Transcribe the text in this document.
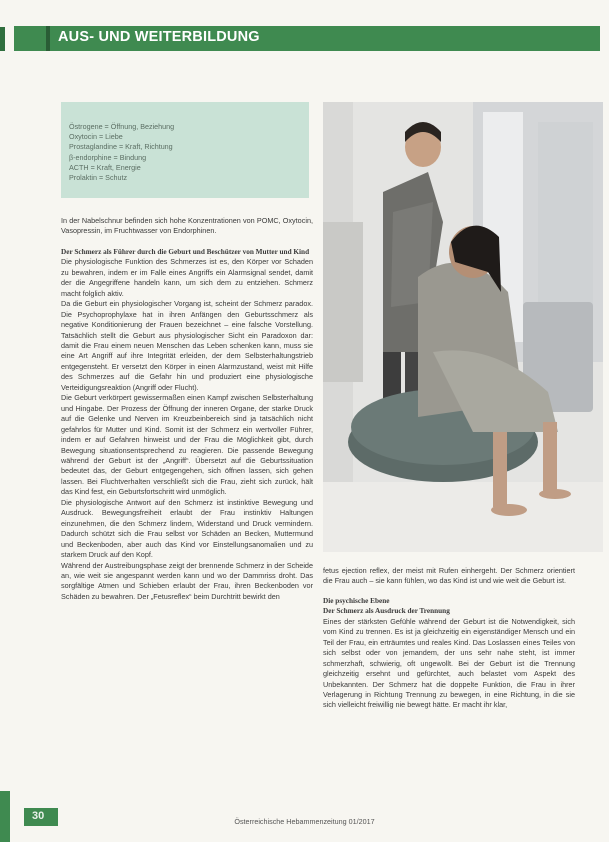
AUS- UND WEITERBILDUNG
Östrogene = Öffnung, Beziehung
Oxytocin = Liebe
Prostaglandine = Kraft, Richtung
β-endorphine = Bindung
ACTH = Kraft, Energie
Prolaktin = Schutz

In der Nabelschnur befinden sich hohe Konzentrationen von POMC, Oxytocin, Vasopressin, im Fruchtwasser von Endorphinen.

Der Schmerz als Führer durch die Geburt und Beschützer von Mutter und Kind

Die physiologische Funktion des Schmerzes ist es, den Körper vor Schaden zu bewahren, indem er im Falle eines Angriffs ein Alarmsignal sendet, damit der die Angegriffene handeln kann, um sich dem zu entziehen. Schmerz macht folglich aktiv.

Da die Geburt ein physiologischer Vorgang ist, scheint der Schmerz paradox. Die Psychoprophylaxe hat in ihren Anfängen den Geburtsschmerz als negative Konditionierung der Frauen bezeichnet – eine falsche Vorstellung. Tatsächlich stellt die Geburt aus physiologischer Sicht ein Paradoxon dar: damit die Frau einem neuen Menschen das Leben schenken kann, muss sie eine Art Angriff auf ihre Integrität erleiden, der dem Selbsterhaltungstrieb entgegensteht. Er versetzt den Körper in einen Alarmzustand, weist mit Hilfe des Schmerzes auf die Gefahr hin und produziert eine physiologische Verteidigungsreaktion (Angriff oder Flucht).

Die Geburt verkörpert gewissermaßen einen Kampf zwischen Selbsterhaltung und Hingabe. Der Prozess der Öffnung der inneren Organe, der starke Druck auf die Gelenke und Nerven im Kreuzbeinbereich sind ja tatsächlich nicht gefahrlos für Mutter und Kind. Somit ist der Schmerz ein wertvoller Führer, indem er auf Gefahren hinweist und der Frau die Möglichkeit gibt, durch Bewegung situationsentsprechend zu reagieren. Die passende Bewegung während der Geburt ist der „Angriff“. Übersetzt auf die Geburtssituation bedeutet das, der Geburt entgegengehen, sich öffnen lassen, sich gehen lassen. Bei Fluchtverhalten verschließt sich die Frau, zieht sich zurück, hält das Kind fest, ein Geburtsfortschritt wird unmöglich.

Die physiologische Antwort auf den Schmerz ist instinktive Bewegung und Ausdruck. Bewegungsfreiheit erlaubt der Frau instinktiv Haltungen einzunehmen, die den Schmerz lindern, Widerstand und Druck vermindern. Dadurch schützt sich die Frau selbst vor Schäden an Becken, Muttermund und Beckenboden, aber auch das Kind vor Einstellungsanomalien und zu starkem Druck auf den Kopf.

Während der Austreibungsphase zeigt der brennende Schmerz in der Scheide an, wie weit sie angespannt werden kann und wo der Dammriss droht. Das sorgfältige Atmen und Schieben erlaubt der Frau, ihren Beckenboden vor Schäden zu bewahren. Der „Fetusreflex“ beim Durchtritt bewirkt den

fetus ejection reflex, der meist mit Rufen einhergeht. Der Schmerz orientiert die Frau auch – sie kann fühlen, wo das Kind ist und wie weit die Geburt ist.

Die psychische Ebene

Der Schmerz als Ausdruck der Trennung

Eines der stärksten Gefühle während der Geburt ist die Notwendigkeit, sich vom Kind zu trennen. Es ist ja gleichzeitig ein eigenständiger Mensch und ein Teil der Frau, ein erträumtes und reales Kind. Das Loslassen eines Teiles von sich selbst oder von jemandem, der uns sehr nahe steht, ist immer schmerzhaft, schwierig, oft ungewollt. Bei der Geburt ist die Trennung gleichzeitig ersehnt und gefürchtet, auch belastet vom Aspekt des Unbekannten. Der Schmerz hat die doppelte Funktion, die Frau in ihrer Verlagerung in Richtung Trennung zu bewegen, in eine Richtung, in die sie sich vielleicht freiwillig nie bewegt hätte. Er macht ihr klar,

30	Österreichische Hebammenzeitung 01/2017
